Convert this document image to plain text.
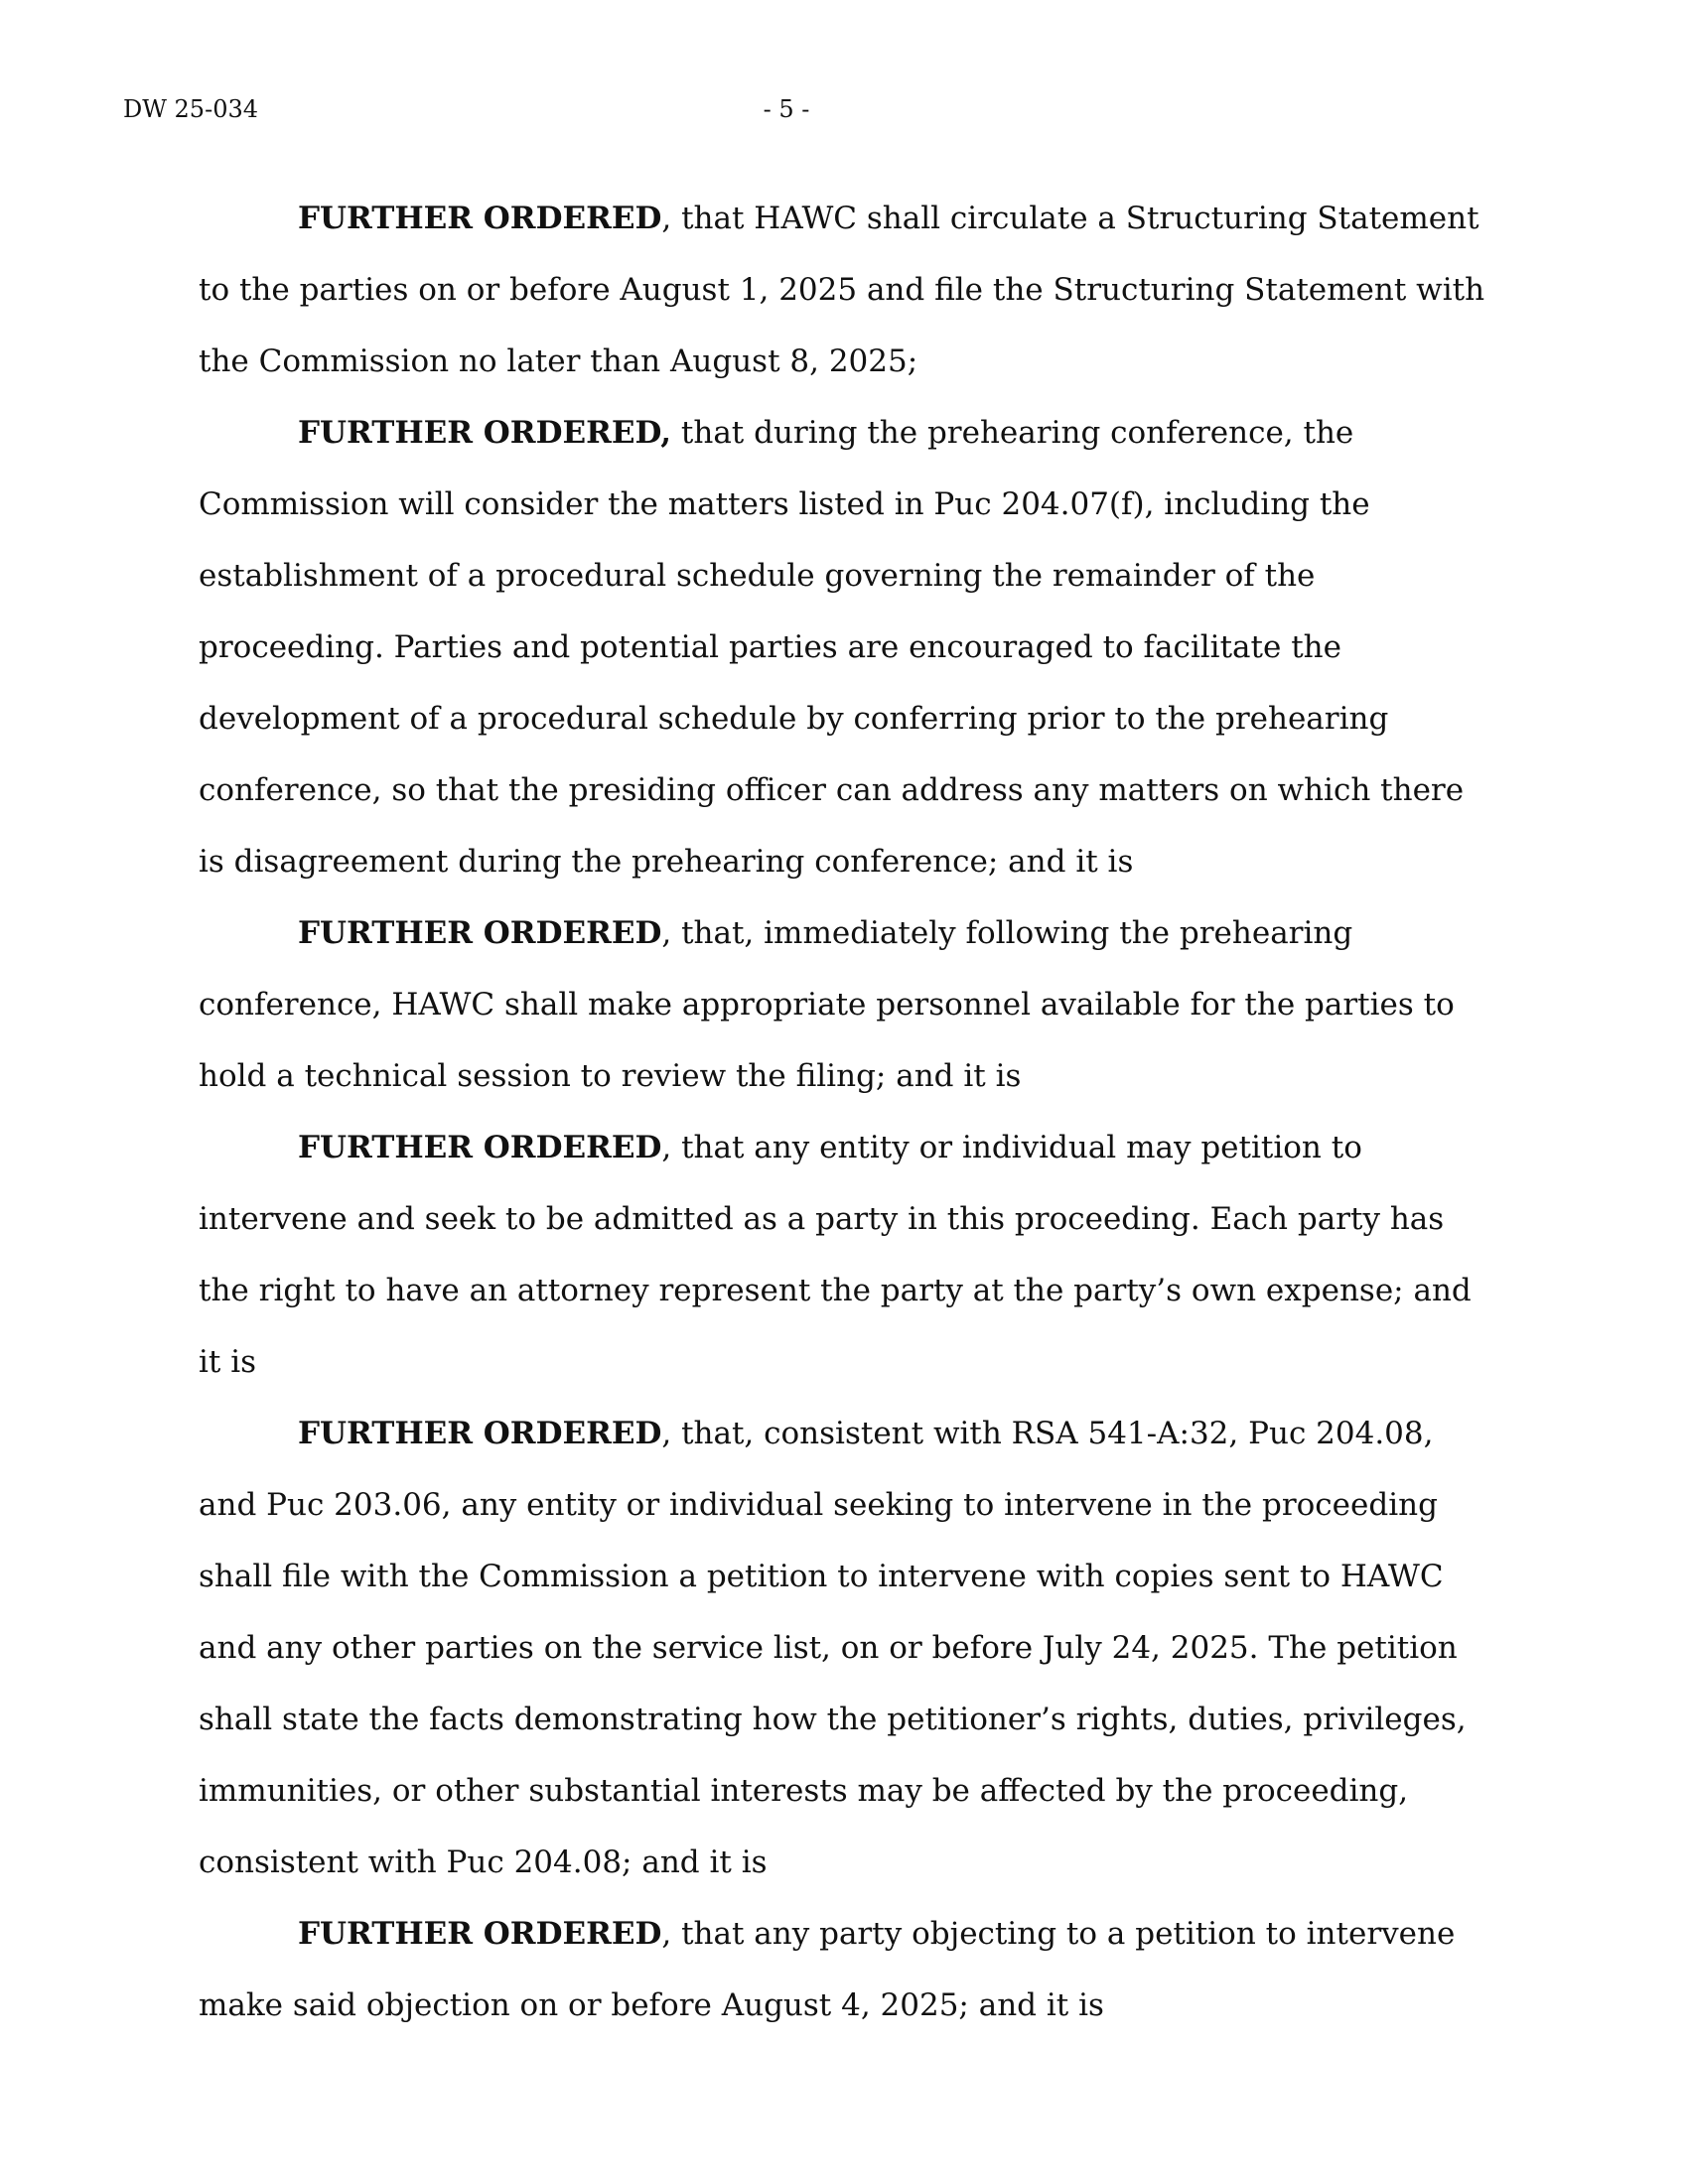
DW 25-034	- 5 -

FURTHER ORDERED, that HAWC shall circulate a Structuring Statement to the parties on or before August 1, 2025 and file the Structuring Statement with the Commission no later than August 8, 2025;

FURTHER ORDERED, that during the prehearing conference, the Commission will consider the matters listed in Puc 204.07(f), including the establishment of a procedural schedule governing the remainder of the proceeding. Parties and potential parties are encouraged to facilitate the development of a procedural schedule by conferring prior to the prehearing conference, so that the presiding officer can address any matters on which there is disagreement during the prehearing conference; and it is

FURTHER ORDERED, that, immediately following the prehearing conference, HAWC shall make appropriate personnel available for the parties to hold a technical session to review the filing; and it is

FURTHER ORDERED, that any entity or individual may petition to intervene and seek to be admitted as a party in this proceeding. Each party has the right to have an attorney represent the party at the party’s own expense; and it is

FURTHER ORDERED, that, consistent with RSA 541-A:32, Puc 204.08, and Puc 203.06, any entity or individual seeking to intervene in the proceeding shall file with the Commission a petition to intervene with copies sent to HAWC and any other parties on the service list, on or before July 24, 2025. The petition shall state the facts demonstrating how the petitioner’s rights, duties, privileges, immunities, or other substantial interests may be affected by the proceeding, consistent with Puc 204.08; and it is

FURTHER ORDERED, that any party objecting to a petition to intervene make said objection on or before August 4, 2025; and it is
